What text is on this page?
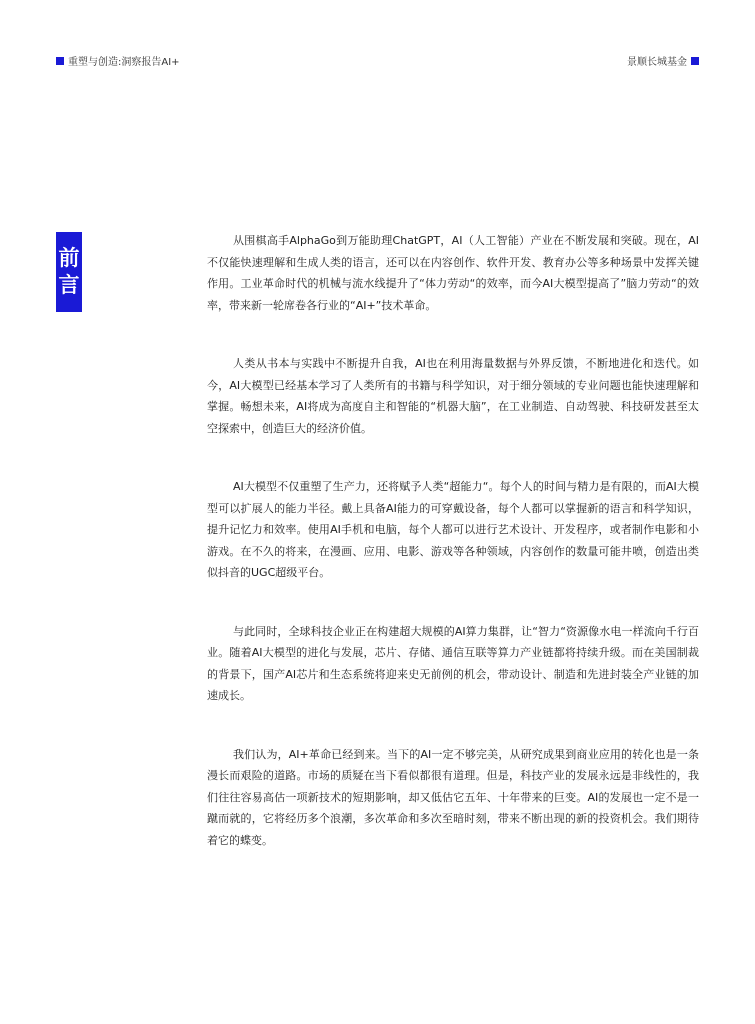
重塑与创造:洞察报告AI+	景顺长城基金
前
言

从围棋高手AlphaGo到万能助理ChatGPT，AI（人工智能）产业在不断发展和突破。现在，AI不仅能快速理解和生成人类的语言，还可以在内容创作、软件开发、教育办公等多种场景中发挥关键作用。工业革命时代的机械与流水线提升了“体力劳动“的效率，而今AI大模型提高了”脑力劳动“的效率，带来新一轮席卷各行业的“AI+”技术革命。

人类从书本与实践中不断提升自我，AI也在利用海量数据与外界反馈，不断地进化和迭代。如今，AI大模型已经基本学习了人类所有的书籍与科学知识，对于细分领域的专业问题也能快速理解和掌握。畅想未来，AI将成为高度自主和智能的“机器大脑”，在工业制造、自动驾驶、科技研发甚至太空探索中，创造巨大的经济价值。

AI大模型不仅重塑了生产力，还将赋予人类“超能力“。每个人的时间与精力是有限的，而AI大模型可以扩展人的能力半径。戴上具备AI能力的可穿戴设备，每个人都可以掌握新的语言和科学知识，提升记忆力和效率。使用AI手机和电脑，每个人都可以进行艺术设计、开发程序，或者制作电影和小游戏。在不久的将来，在漫画、应用、电影、游戏等各种领域，内容创作的数量可能井喷，创造出类似抖音的UGC超级平台。

与此同时，全球科技企业正在构建超大规模的AI算力集群，让“智力“资源像水电一样流向千行百业。随着AI大模型的进化与发展，芯片、存储、通信互联等算力产业链都将持续升级。而在美国制裁的背景下，国产AI芯片和生态系统将迎来史无前例的机会，带动设计、制造和先进封装全产业链的加速成长。

我们认为，AI+革命已经到来。当下的AI一定不够完美，从研究成果到商业应用的转化也是一条漫长而艰险的道路。市场的质疑在当下看似都很有道理。但是，科技产业的发展永远是非线性的，我们往往容易高估一项新技术的短期影响，却又低估它五年、十年带来的巨变。AI的发展也一定不是一蹴而就的，它将经历多个浪潮，多次革命和多次至暗时刻，带来不断出现的新的投资机会。我们期待着它的蝶变。
